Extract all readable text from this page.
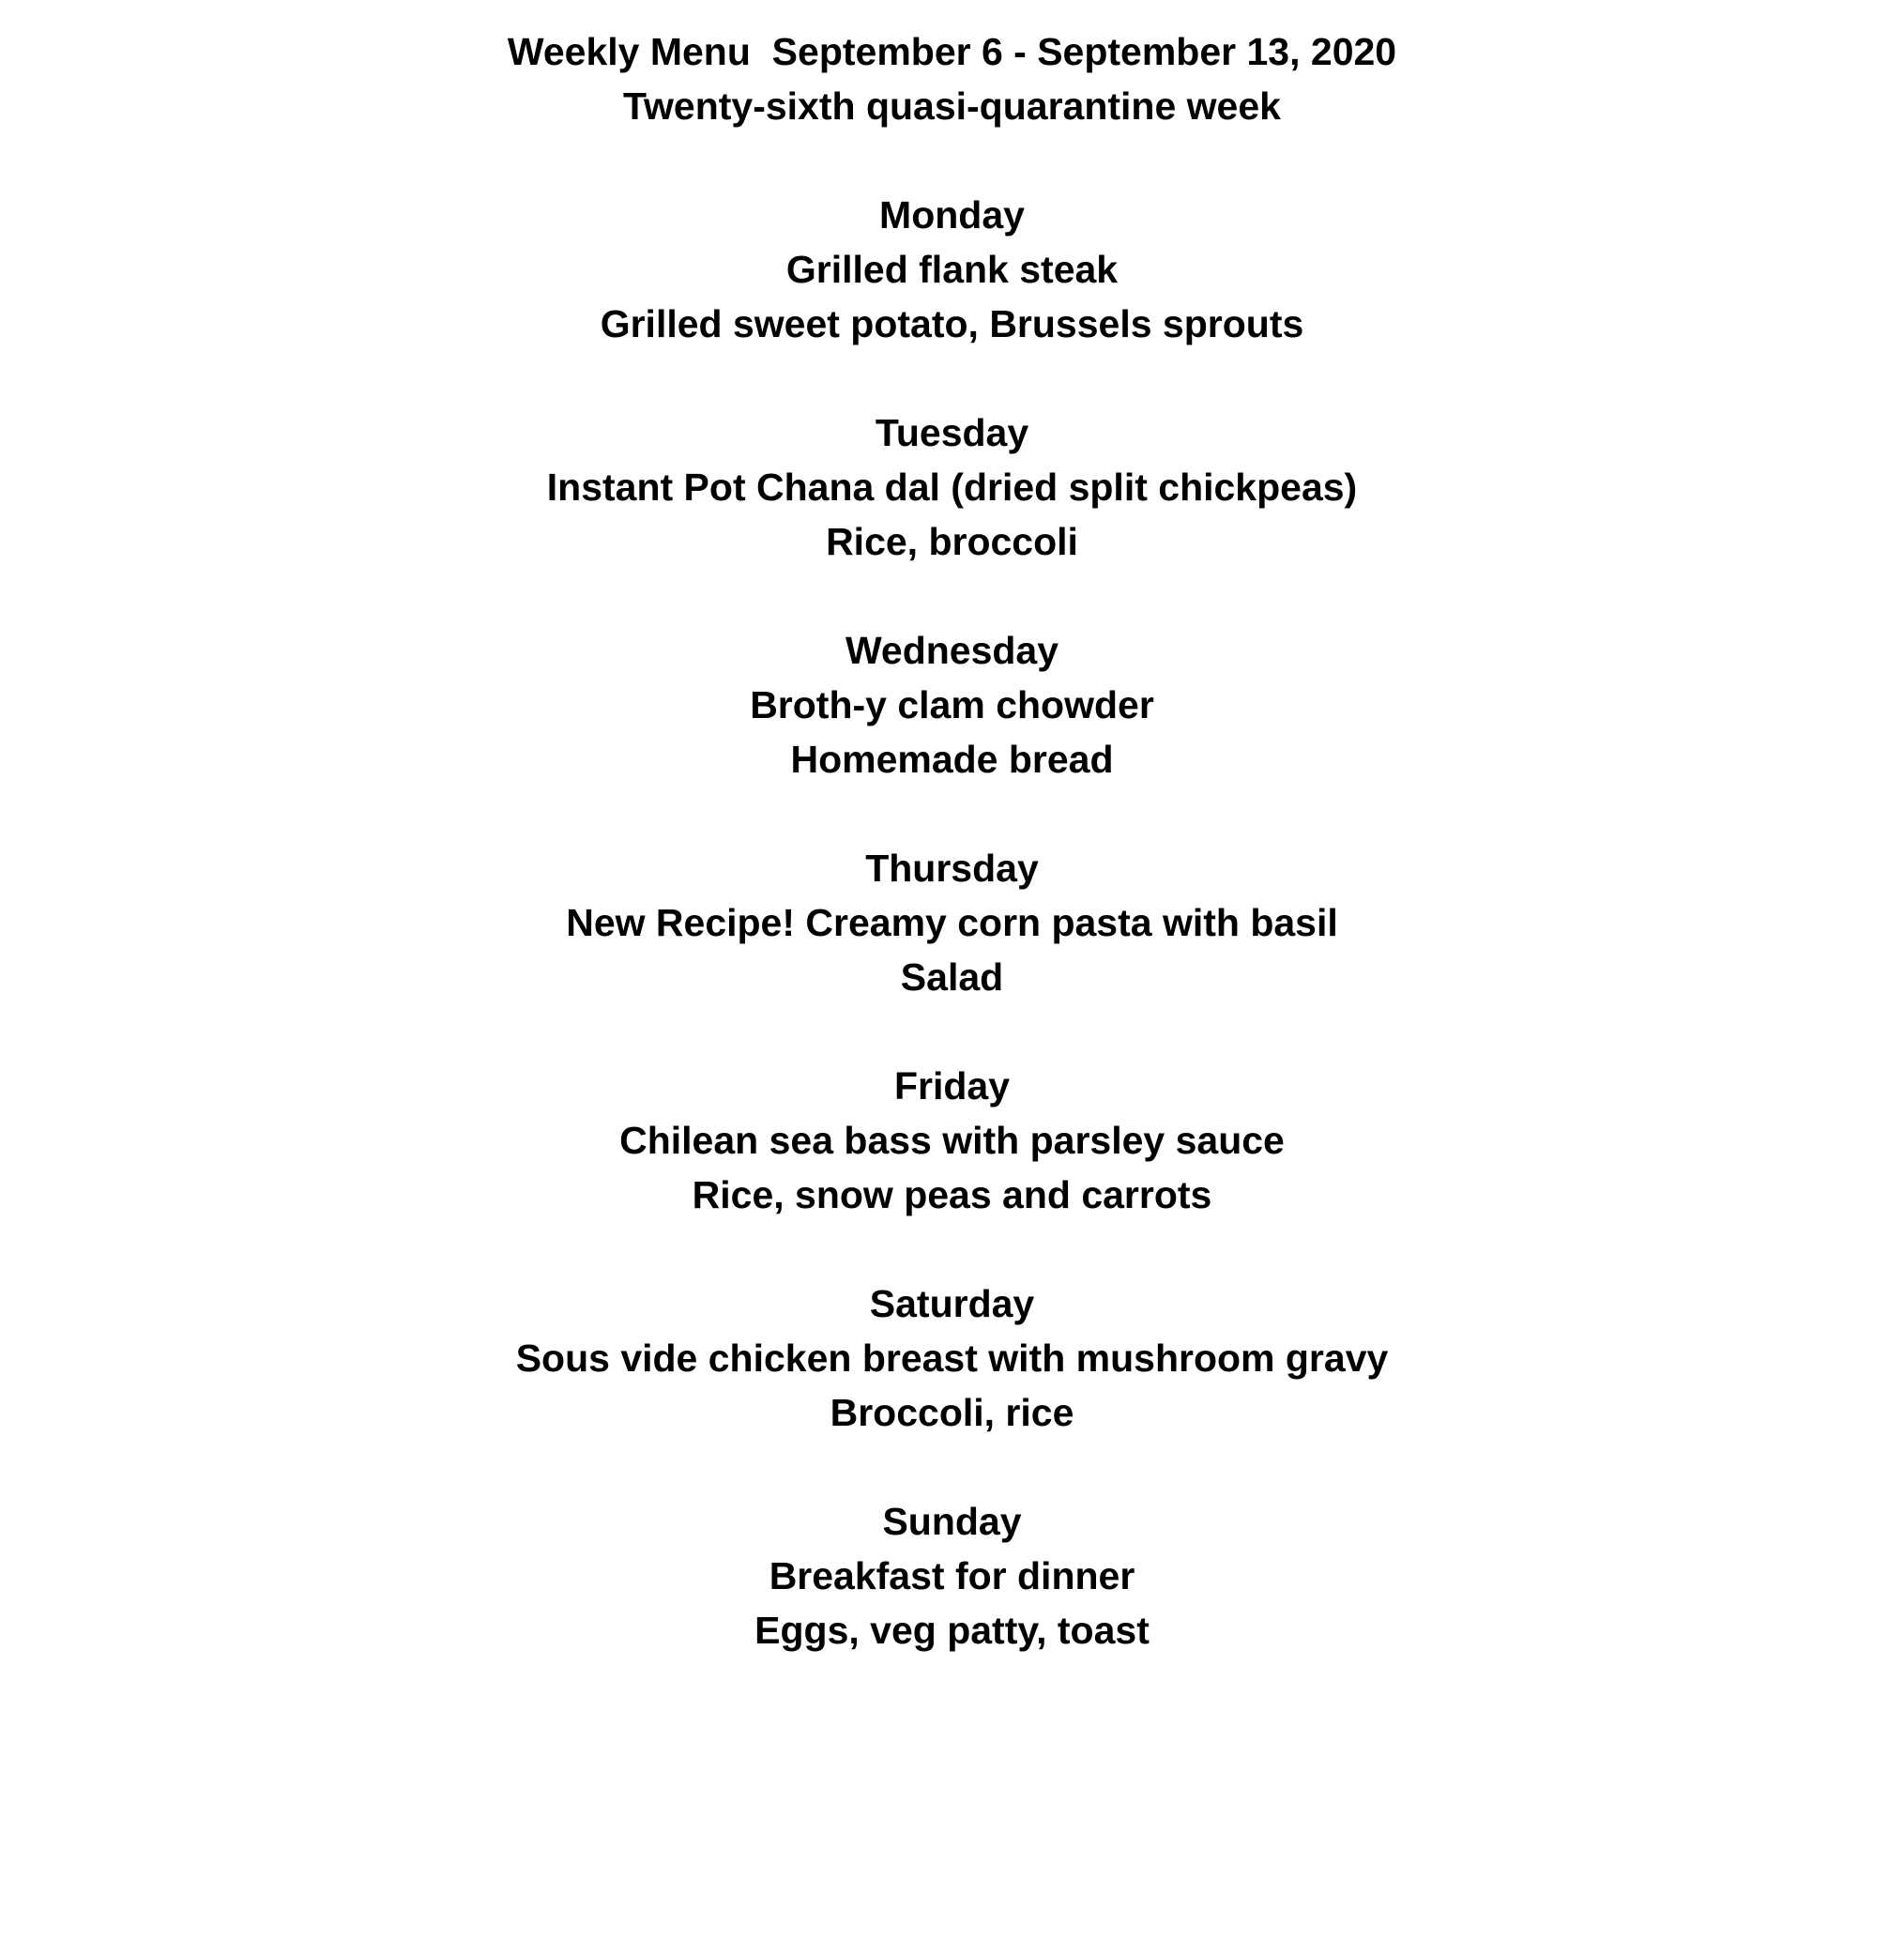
Weekly Menu  September 6 - September 13, 2020

Twenty-sixth quasi-quarantine week

Monday

Grilled flank steak

Grilled sweet potato, Brussels sprouts

Tuesday

Instant Pot Chana dal (dried split chickpeas)

Rice, broccoli

Wednesday

Broth-y clam chowder

Homemade bread

Thursday

New Recipe! Creamy corn pasta with basil

Salad

Friday

Chilean sea bass with parsley sauce

Rice, snow peas and carrots

Saturday

Sous vide chicken breast with mushroom gravy

Broccoli, rice

Sunday

Breakfast for dinner

Eggs, veg patty, toast
